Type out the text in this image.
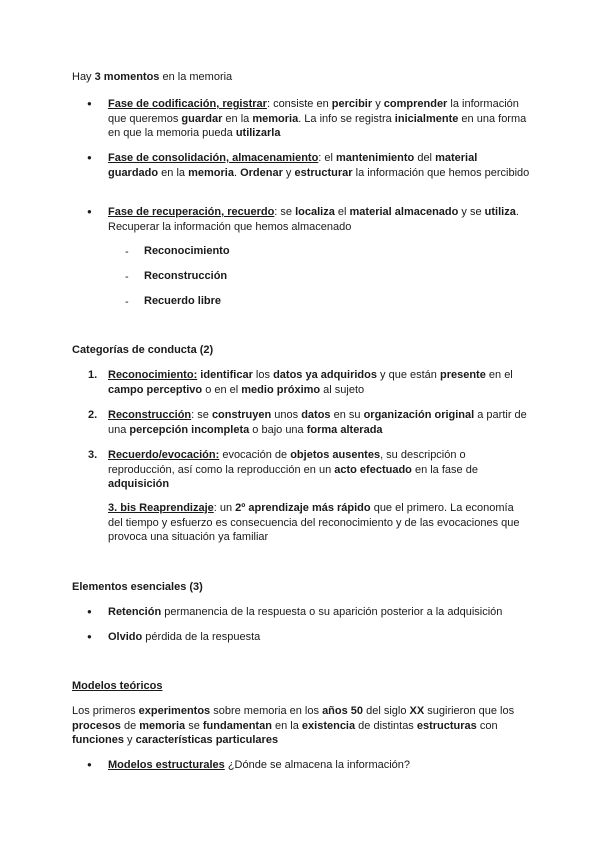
Hay 3 momentos en la memoria
● Fase de codificación, registrar: consiste en percibir y comprender la información que queremos guardar en la memoria. La info se registra inicialmente en una forma en que la memoria pueda utilizarla
● Fase de consolidación, almacenamiento: el mantenimiento del material guardado en la memoria. Ordenar y estructurar la información que hemos percibido
● Fase de recuperación, recuerdo: se localiza el material almacenado y se utiliza. Recuperar la información que hemos almacenado
- Reconocimiento
- Reconstrucción
- Recuerdo libre
Categorías de conducta (2)
1. Reconocimiento: identificar los datos ya adquiridos y que están presente en el campo perceptivo o en el medio próximo al sujeto
2. Reconstrucción: se construyen unos datos en su organización original a partir de una percepción incompleta o bajo una forma alterada
3. Recuerdo/evocación: evocación de objetos ausentes, su descripción o reproducción, así como la reproducción en un acto efectuado en la fase de adquisición
3. bis Reaprendizaje: un 2º aprendizaje más rápido que el primero. La economía del tiempo y esfuerzo es consecuencia del reconocimiento y de las evocaciones que provoca una situación ya familiar
Elementos esenciales (3)
● Retención permanencia de la respuesta o su aparición posterior a la adquisición
● Olvido pérdida de la respuesta
Modelos teóricos
Los primeros experimentos sobre memoria en los años 50 del siglo XX sugirieron que los procesos de memoria se fundamentan en la existencia de distintas estructuras con funciones y características particulares
● Modelos estructurales ¿Dónde se almacena la información?
